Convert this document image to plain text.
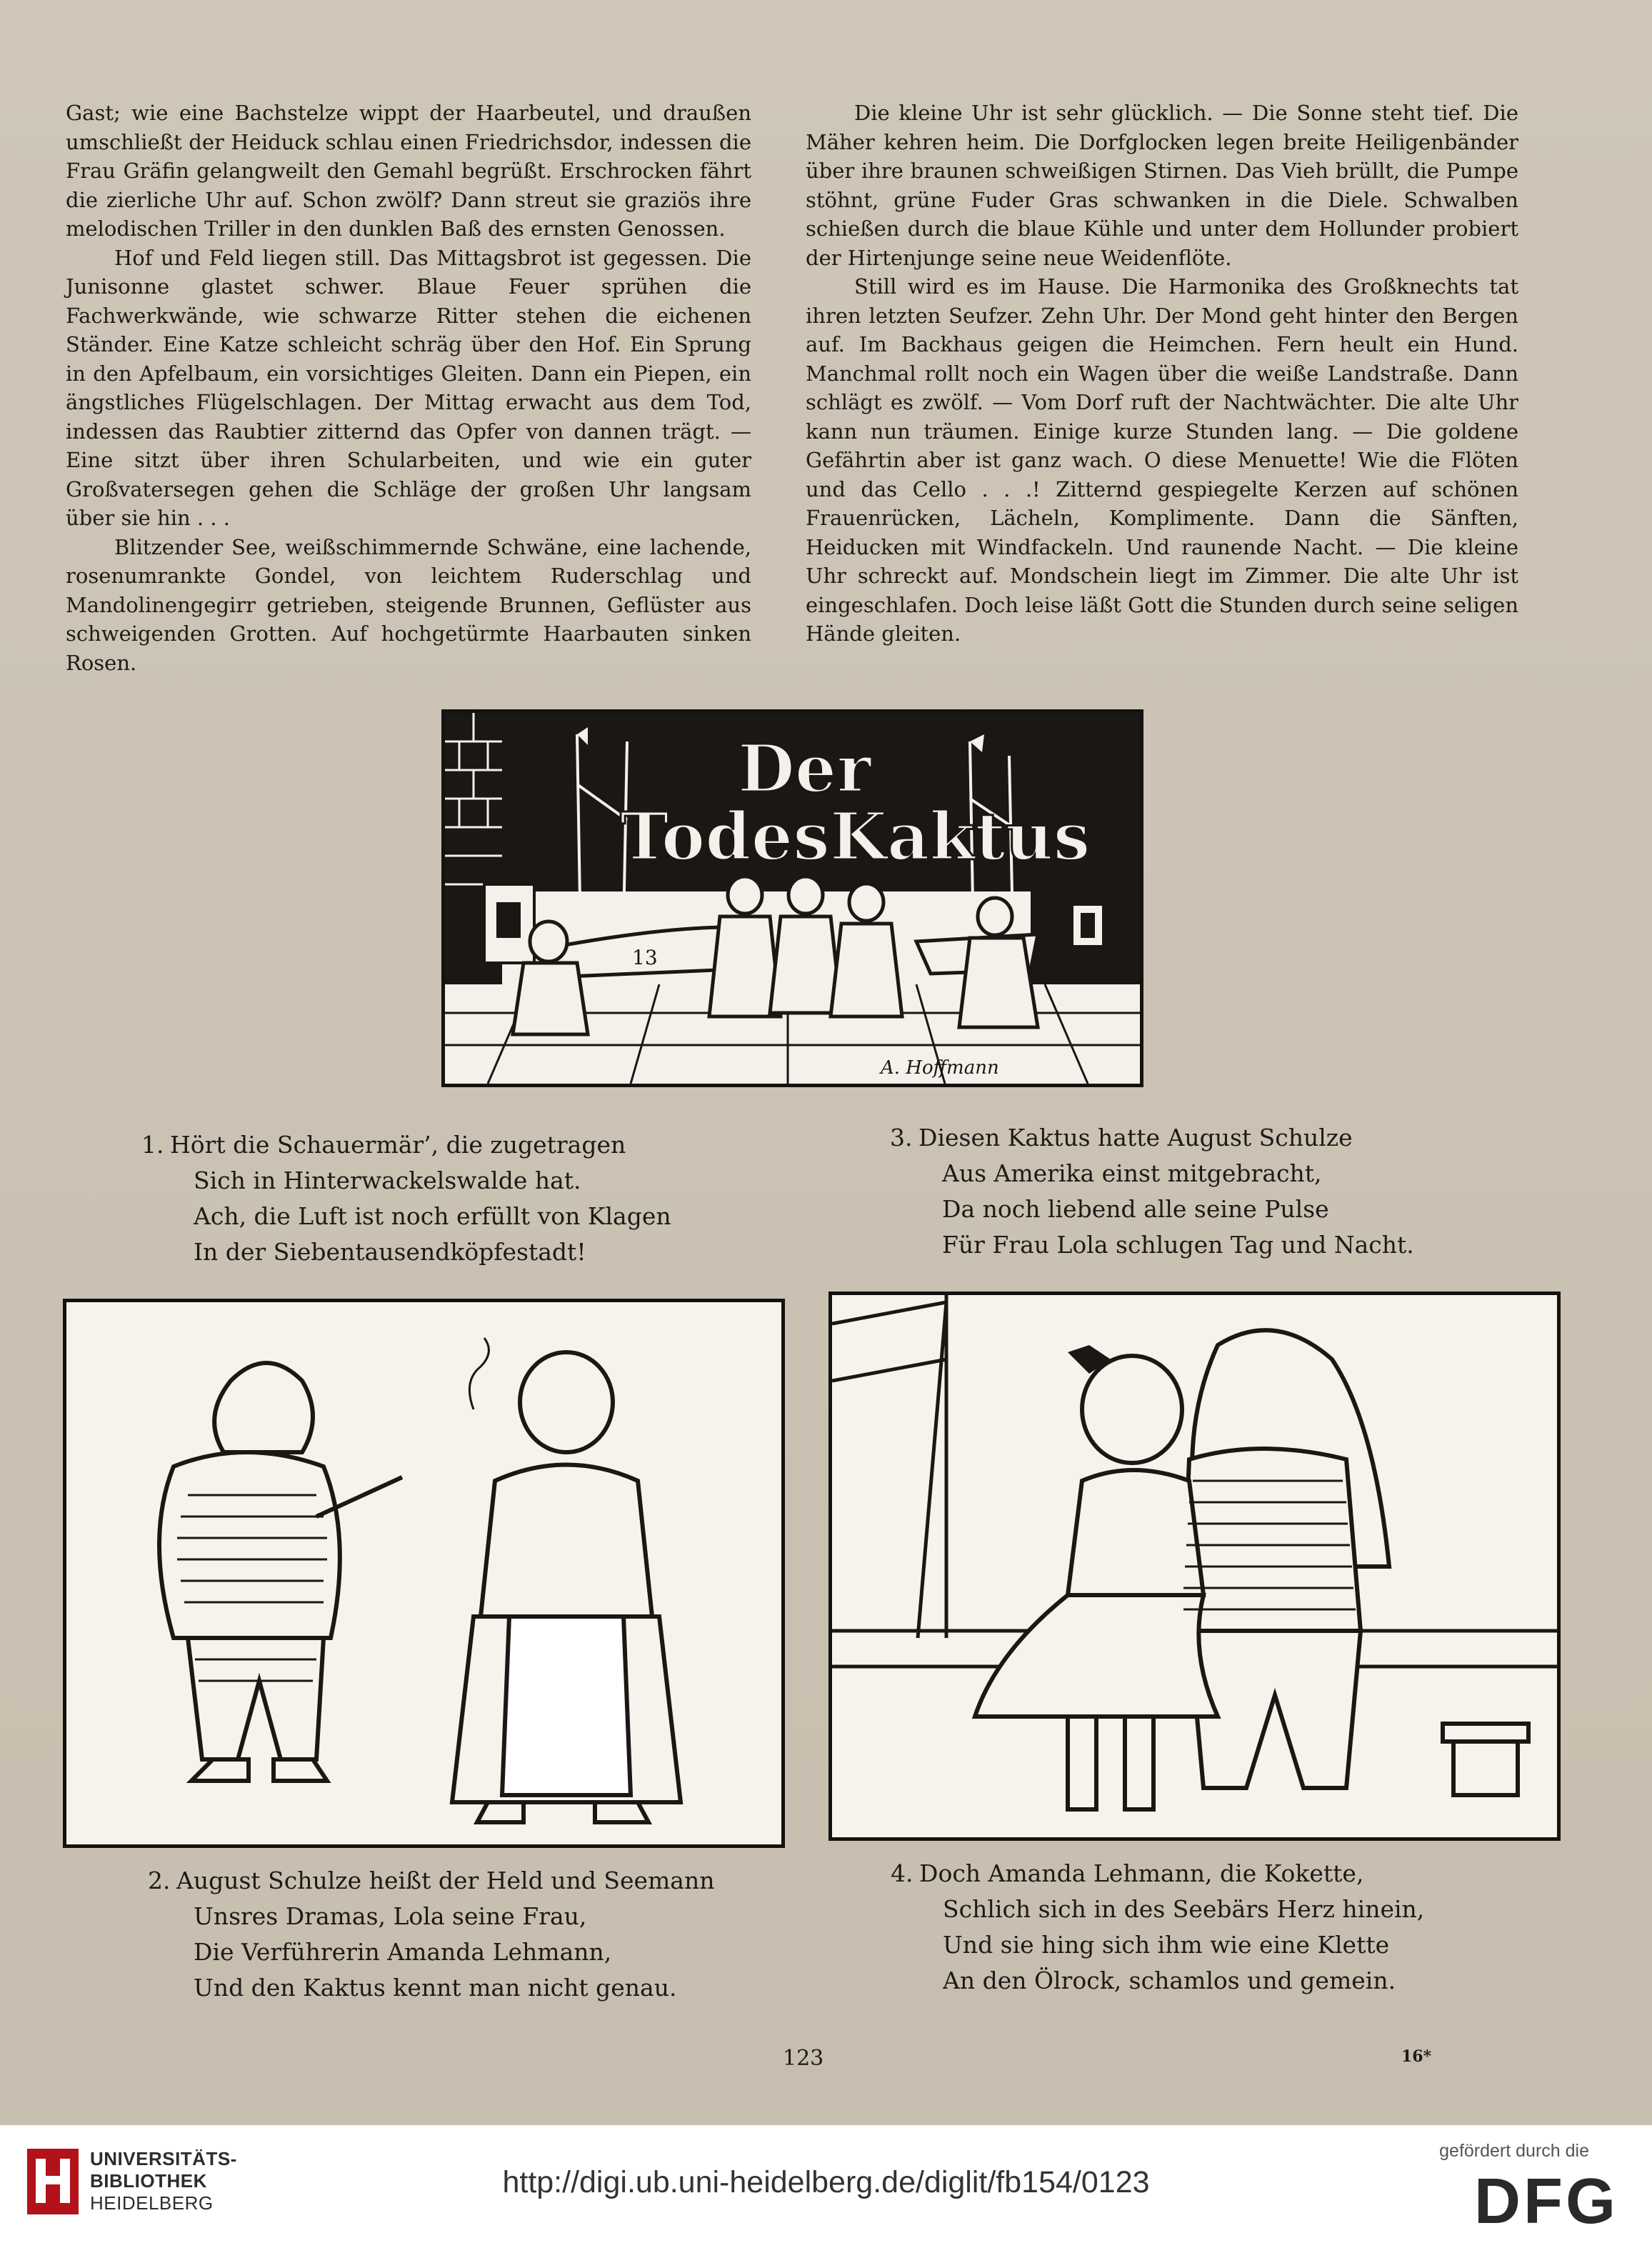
Gast; wie eine Bachstelze wippt der Haarbeutel, und draußen umschließt der Heiduck schlau einen Friedrichsdor, indessen die Frau Gräfin gelangweilt den Gemahl begrüßt. Erschrocken fährt die zierliche Uhr auf. Schon zwölf? Dann streut sie graziös ihre melodischen Triller in den dunklen Baß des ernsten Genossen.

Hof und Feld liegen still. Das Mittagsbrot ist gegessen. Die Junisonne glastet schwer. Blaue Feuer sprühen die Fachwerkwände, wie schwarze Ritter stehen die eichenen Ständer. Eine Katze schleicht schräg über den Hof. Ein Sprung in den Apfelbaum, ein vorsichtiges Gleiten. Dann ein Piepen, ein ängstliches Flügelschlagen. Der Mittag erwacht aus dem Tod, indessen das Raubtier zitternd das Opfer von dannen trägt. — Eine sitzt über ihren Schularbeiten, und wie ein guter Großvatersegen gehen die Schläge der großen Uhr langsam über sie hin . . .

Blitzender See, weißschimmernde Schwäne, eine lachende, rosenumrankte Gondel, von leichtem Ruderschlag und Mandolinengegirr getrieben, steigende Brunnen, Geflüster aus schweigenden Grotten. Auf hochgetürmte Haarbauten sinken Rosen.

Die kleine Uhr ist sehr glücklich. — Die Sonne steht tief. Die Mäher kehren heim. Die Dorfglocken legen breite Heiligenbänder über ihre braunen schweißigen Stirnen. Das Vieh brüllt, die Pumpe stöhnt, grüne Fuder Gras schwanken in die Diele. Schwalben schießen durch die blaue Kühle und unter dem Hollunder probiert der Hirtenjunge seine neue Weidenflöte.

Still wird es im Hause. Die Harmonika des Großknechts tat ihren letzten Seufzer. Zehn Uhr. Der Mond geht hinter den Bergen auf. Im Backhaus geigen die Heimchen. Fern heult ein Hund. Manchmal rollt noch ein Wagen über die weiße Landstraße. Dann schlägt es zwölf. — Vom Dorf ruft der Nachtwächter. Die alte Uhr kann nun träumen. Einige kurze Stunden lang. — Die goldene Gefährtin aber ist ganz wach. O diese Menuette! Wie die Flöten und das Cello . . .! Zitternd gespiegelte Kerzen auf schönen Frauenrücken, Lächeln, Komplimente. Dann die Sänften, Heiducken mit Windfackeln. Und raunende Nacht. — Die kleine Uhr schreckt auf. Mondschein liegt im Zimmer. Die alte Uhr ist eingeschlafen. Doch leise läßt Gott die Stunden durch seine seligen Hände gleiten.

13
Der
TodesKaktus
A. Hoffmann
1. Hört die Schauermär’, die zugetragen
Sich in Hinterwackelswalde hat.
Ach, die Luft ist noch erfüllt von Klagen
In der Siebentausendköpfestadt!
3. Diesen Kaktus hatte August Schulze
Aus Amerika einst mitgebracht,
Da noch liebend alle seine Pulse
Für Frau Lola schlugen Tag und Nacht.
2. August Schulze heißt der Held und Seemann
Unsres Dramas, Lola seine Frau,
Die Verführerin Amanda Lehmann,
Und den Kaktus kennt man nicht genau.
4. Doch Amanda Lehmann, die Kokette,
Schlich sich in des Seebärs Herz hinein,
Und sie hing sich ihm wie eine Klette
An den Ölrock, schamlos und gemein.
123	16*
UNIVERSITÄTS-
BIBLIOTHEK
HEIDELBERG
http://digi.ub.uni-heidelberg.de/diglit/fb154/0123
gefördert durch die
DFG
